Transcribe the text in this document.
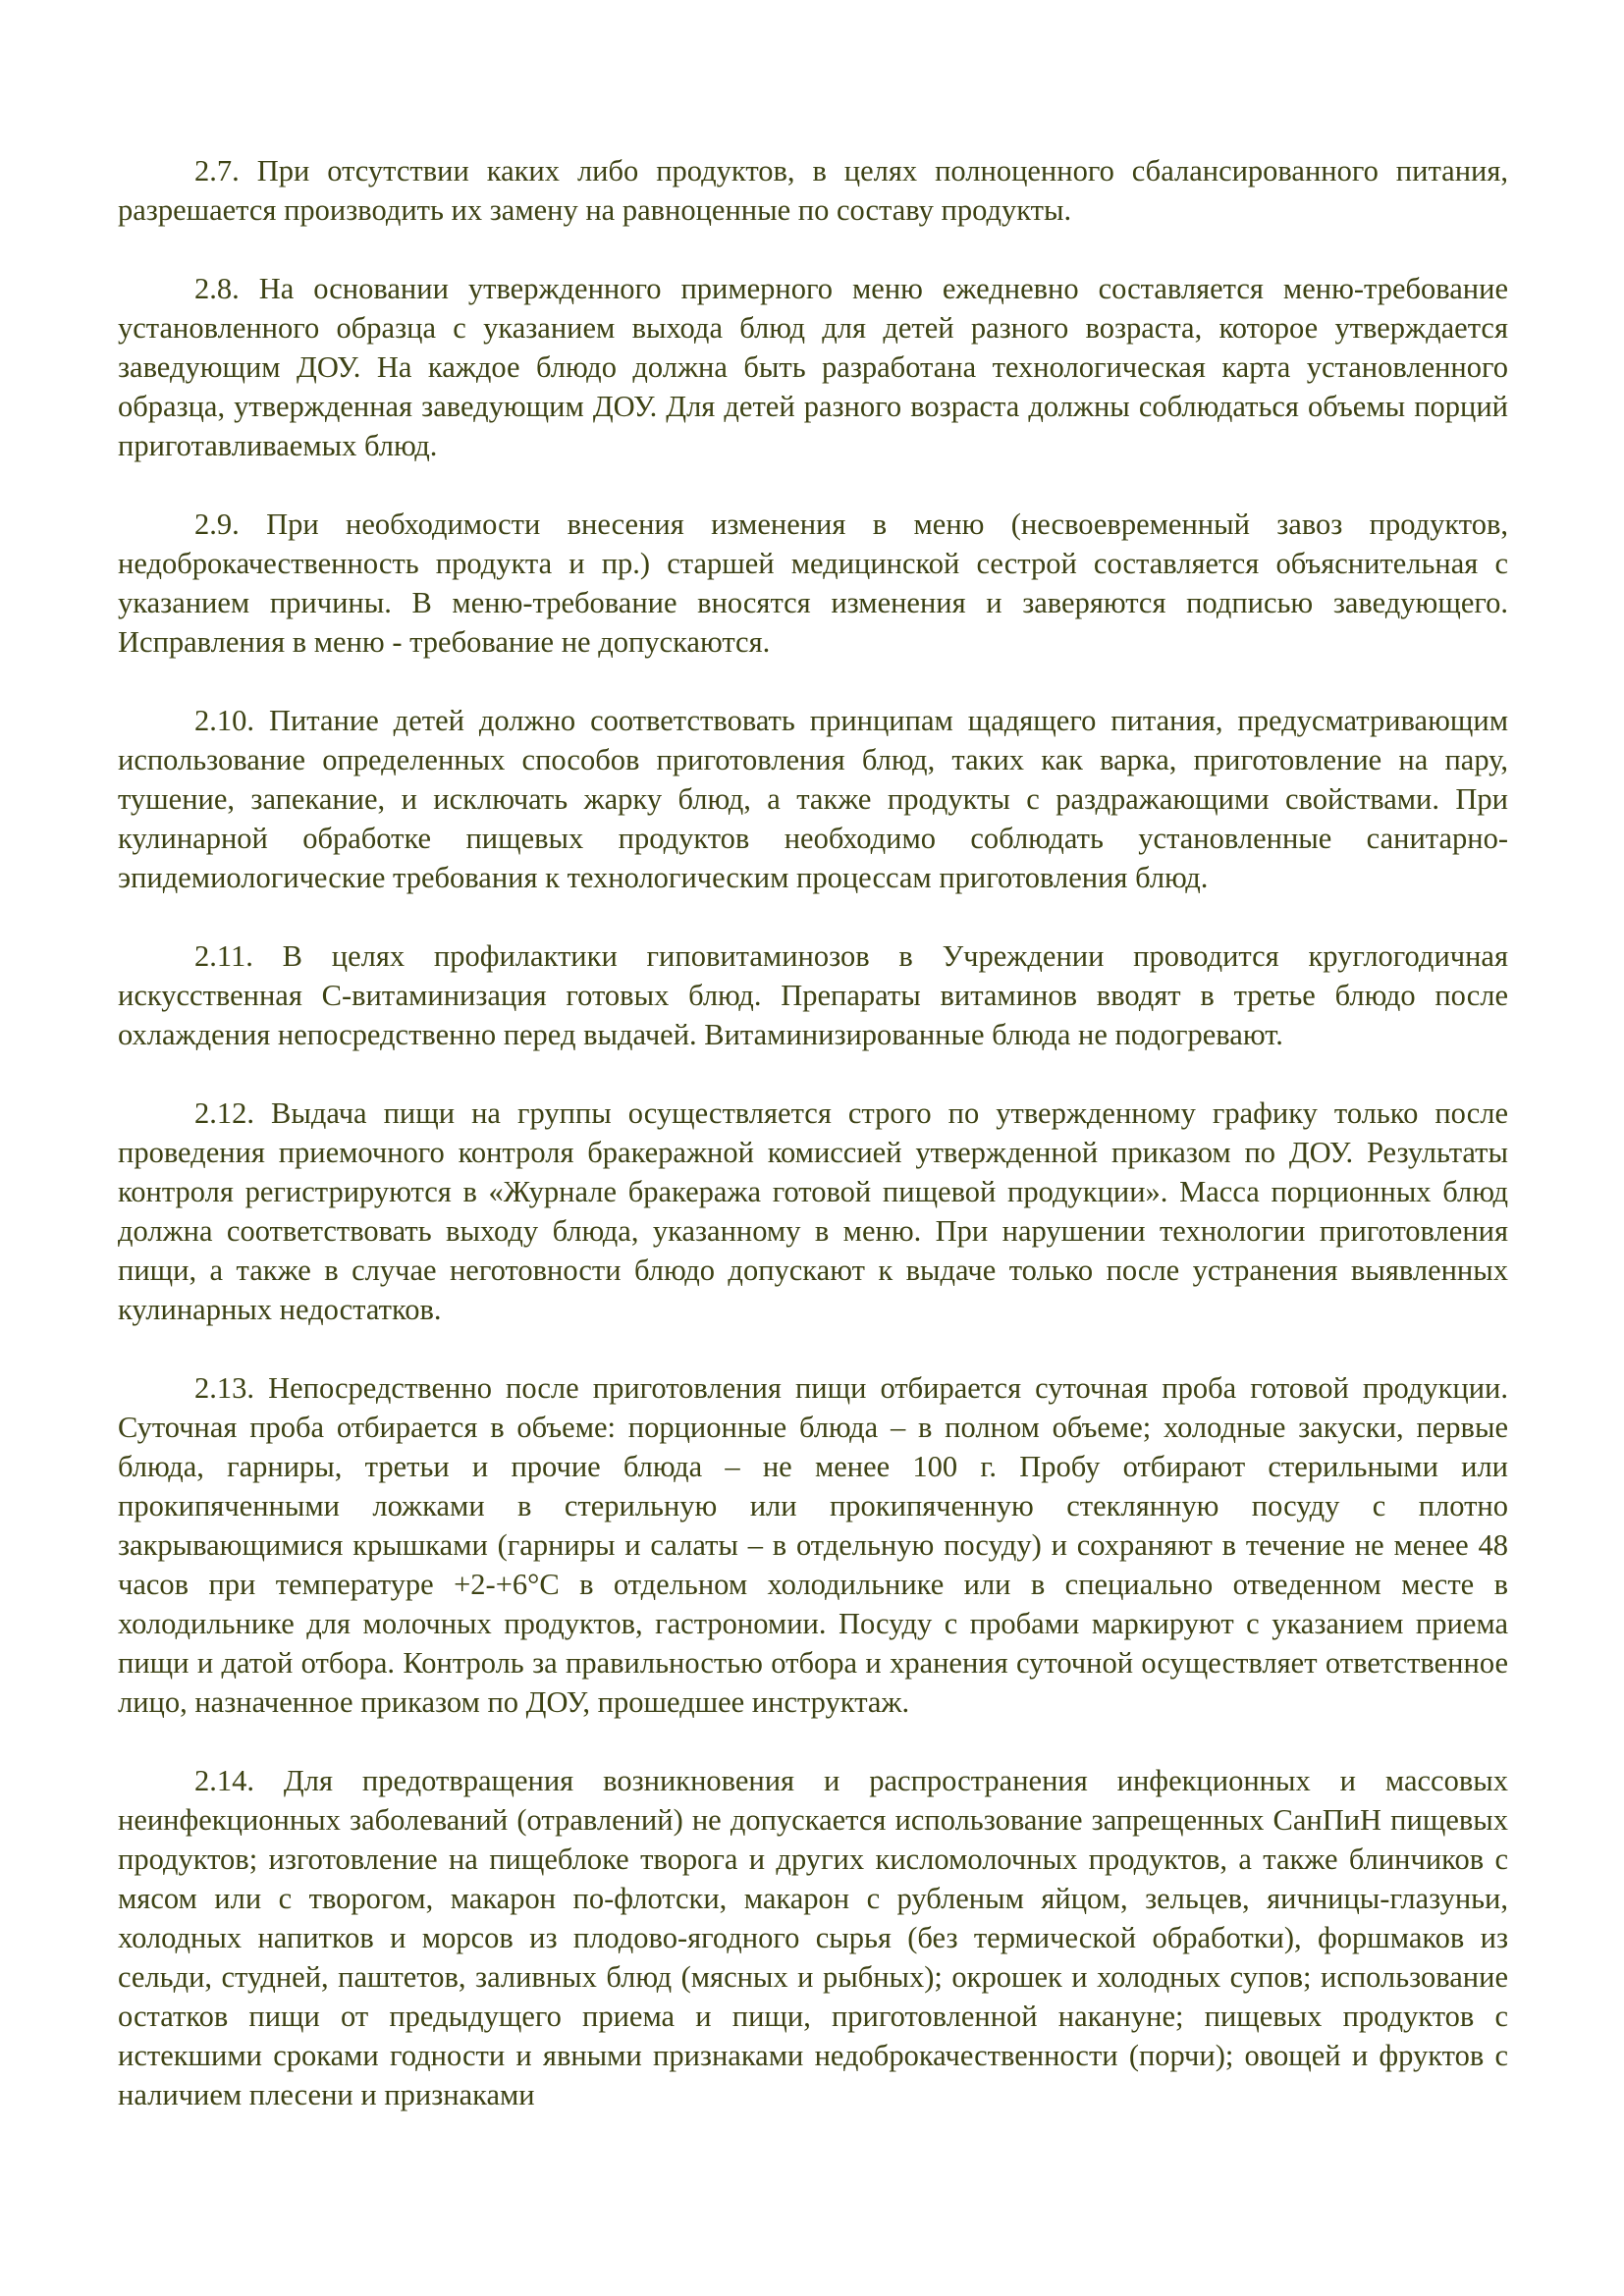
2.7. При отсутствии каких либо продуктов, в целях полноценного сбалансированного питания, разрешается производить их замену на равноценные по составу продукты.

2.8. На основании утвержденного примерного меню ежедневно составляется меню-требование установленного образца с указанием выхода блюд для детей разного возраста, которое утверждается заведующим ДОУ. На каждое блюдо должна быть разработана технологическая карта установленного образца, утвержденная заведующим ДОУ. Для детей разного возраста должны соблюдаться объемы порций приготавливаемых блюд.

2.9. При необходимости внесения изменения в меню (несвоевременный завоз продуктов, недоброкачественность продукта и пр.) старшей медицинской сестрой составляется объяснительная с указанием причины. В меню-требование вносятся изменения и заверяются подписью заведующего. Исправления в меню - требование не допускаются.

2.10. Питание детей должно соответствовать принципам щадящего питания, предусматривающим использование определенных способов приготовления блюд, таких как варка, приготовление на пару, тушение, запекание, и исключать жарку блюд, а также продукты с раздражающими свойствами. При кулинарной обработке пищевых продуктов необходимо соблюдать установленные санитарно-эпидемиологические требования к технологическим процессам приготовления блюд.

2.11. В целях профилактики гиповитаминозов в Учреждении проводится круглогодичная искусственная С-витаминизация готовых блюд. Препараты витаминов вводят в третье блюдо после охлаждения непосредственно перед выдачей. Витаминизированные блюда не подогревают.

2.12. Выдача пищи на группы осуществляется строго по утвержденному графику только после проведения приемочного контроля бракеражной комиссией утвержденной приказом по ДОУ. Результаты контроля регистрируются в «Журнале бракеража готовой пищевой продукции». Масса порционных блюд должна соответствовать выходу блюда, указанному в меню. При нарушении технологии приготовления пищи, а также в случае неготовности блюдо допускают к выдаче только после устранения выявленных кулинарных недостатков.

2.13. Непосредственно после приготовления пищи отбирается суточная проба готовой продукции. Суточная проба отбирается в объеме: порционные блюда – в полном объеме; холодные закуски, первые блюда, гарниры, третьи и прочие блюда – не менее 100 г. Пробу отбирают стерильными или прокипяченными ложками в стерильную или прокипяченную стеклянную посуду с плотно закрывающимися крышками (гарниры и салаты – в отдельную посуду) и сохраняют в течение не менее 48 часов при температуре +2-+6°С в отдельном холодильнике или в специально отведенном месте в холодильнике для молочных продуктов, гастрономии. Посуду с пробами маркируют с указанием приема пищи и датой отбора. Контроль за правильностью отбора и хранения суточной осуществляет ответственное лицо, назначенное приказом по ДОУ, прошедшее инструктаж.

2.14. Для предотвращения возникновения и распространения инфекционных и массовых неинфекционных заболеваний (отравлений) не допускается использование запрещенных СанПиН пищевых продуктов; изготовление на пищеблоке творога и других кисломолочных продуктов, а также блинчиков с мясом или с творогом, макарон по-флотски, макарон с рубленым яйцом, зельцев, яичницы-глазуньи, холодных напитков и морсов из плодово-ягодного сырья (без термической обработки), форшмаков из сельди, студней, паштетов, заливных блюд (мясных и рыбных); окрошек и холодных супов; использование остатков пищи от предыдущего приема и пищи, приготовленной накануне; пищевых продуктов с истекшими сроками годности и явными признаками недоброкачественности (порчи); овощей и фруктов с наличием плесени и признаками
